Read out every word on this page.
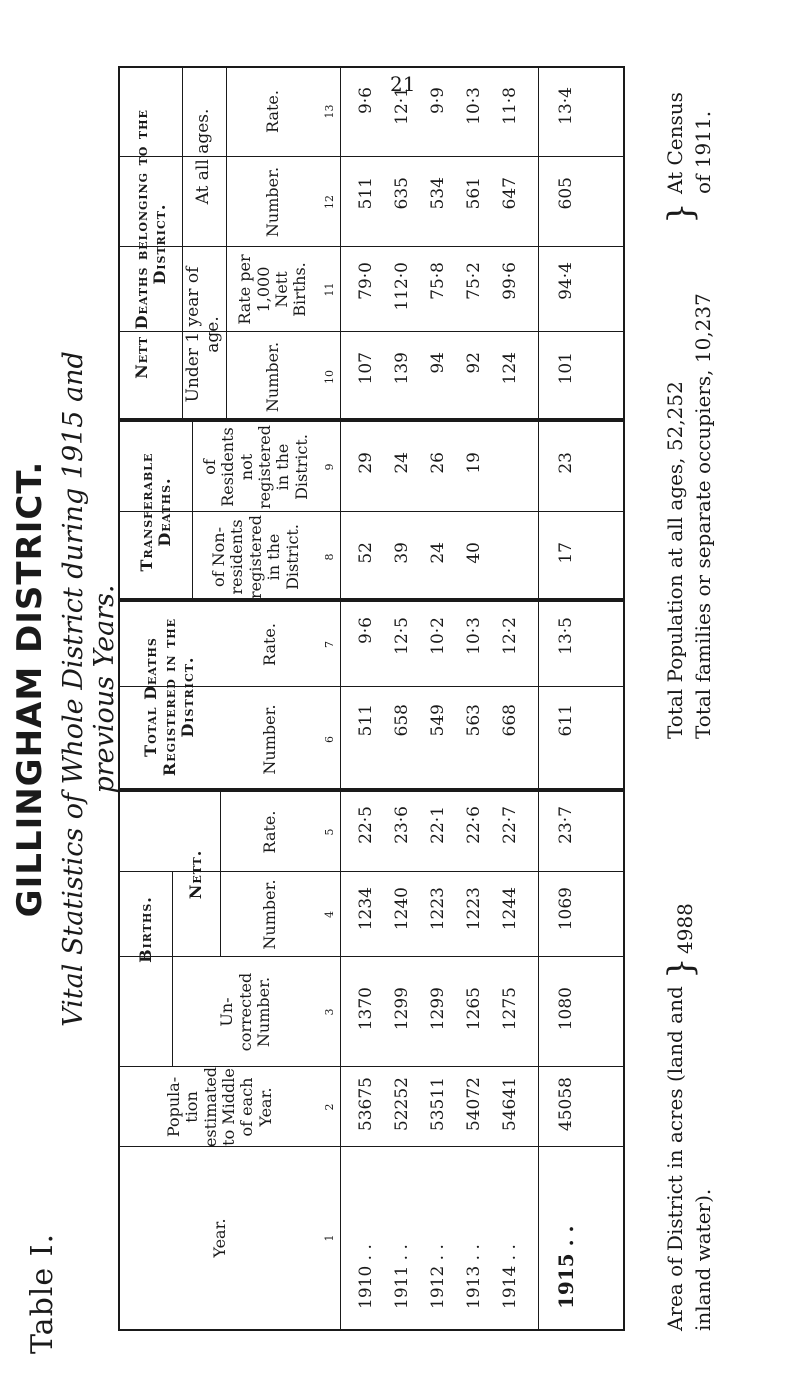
21
Table I.
GILLINGHAM DISTRICT. Vital Statistics of Whole District during 1915 and previous Years.
Births.
Nett.
Total Deaths Registered in the District.
Transferable Deaths.
Nett Deaths belonging to the District.
Under 1 year of age.
At all ages.
Year.
Popula- tion estimated to Middle of each Year.
Un- corrected Number.
Number.
Rate.
Number.
Rate.
of Non-residents registered in the District.
of Residents not registered in the District.
Number.
Rate per 1,000 Nett Births.
Number.
Rate.
1
2
3
4
5
6
7
8
9
10
11
12
13
1910 . .
53675
1370
1234
22·5
511
9·6
52
29
107
79·0
511
9·6
1911 . .
52252
1299
1240
23·6
658
12·5
39
24
139
112·0
635
12·1
1912 . .
53511
1299
1223
22·1
549
10·2
24
26
94
75·8
534
9·9
1913 . .
54072
1265
1223
22·6
563
10·3
40
19
92
75·2
561
10·3
1914 . .
54641
1275
1244
22·7
668
12·2
124
99·6
647
11·8
1915 . .
45058
1080
1069
23·7
611
13·5
17
23
101
94·4
605
13·4
Area of District in acres (land and inland water).
}
4988
Total Population at all ages, 52,252 Total families or separate occupiers, 10,237
}
At Census of 1911.
